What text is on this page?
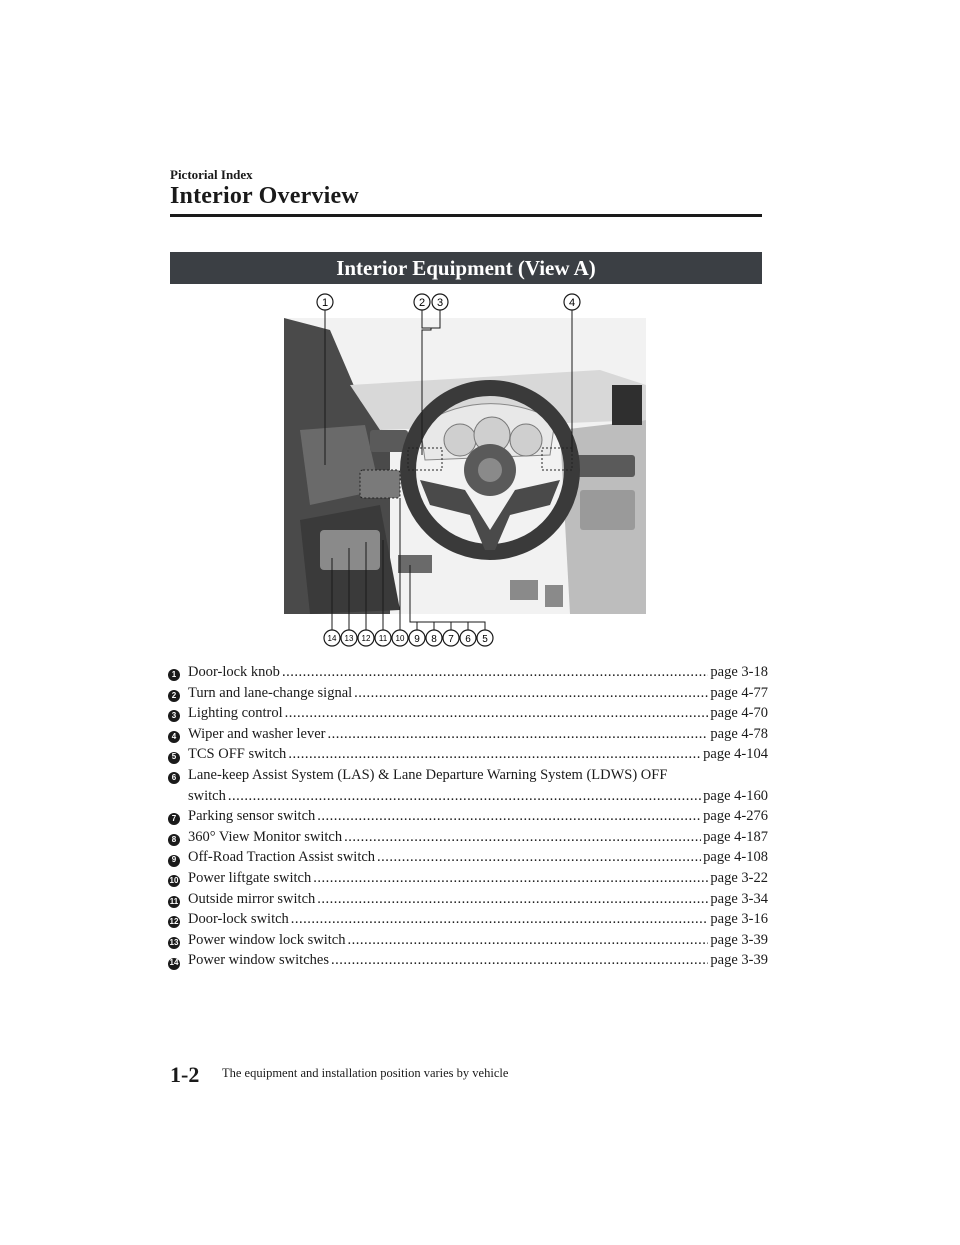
Pictorial Index
Interior Overview
Interior Equipment (View A)
1	2 3	4
14 13 12 11 10 9 8 7 6 5
1 Door-lock knob .....	page 3-18
2 Turn and lane-change signal .....	page 4-77
3 Lighting control .....	page 4-70
4 Wiper and washer lever .....	page 4-78
5 TCS OFF switch .....	page 4-104
6 Lane-keep Assist System (LAS) & Lane Departure Warning System (LDWS) OFF
switch .....	page 4-160
7 Parking sensor switch .....	page 4-276
8 360° View Monitor switch .....	page 4-187
9 Off-Road Traction Assist switch .....	page 4-108
10 Power liftgate switch .....	page 3-22
11 Outside mirror switch .....	page 3-34
12 Door-lock switch .....	page 3-16
13 Power window lock switch .....	page 3-39
14 Power window switches .....	page 3-39
1-2 The equipment and installation position varies by vehicle
